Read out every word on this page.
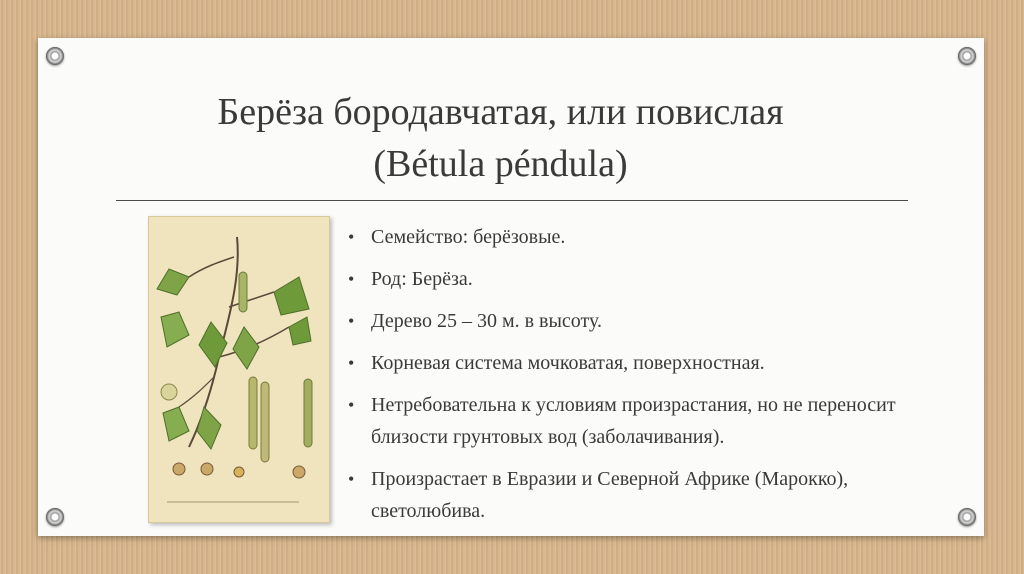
Берёза бородавчатая, или повислая
(Bétula péndula)
• Семейство: берёзовые.
• Род: Берёза.
• Дерево 25 – 30 м. в высоту.
• Корневая система мочковатая, поверхностная.
• Нетребовательна к условиям произрастания, но не переносит близости грунтовых вод (заболачивания).
• Произрастает в Евразии и Северной Африке (Марокко), светолюбива.
